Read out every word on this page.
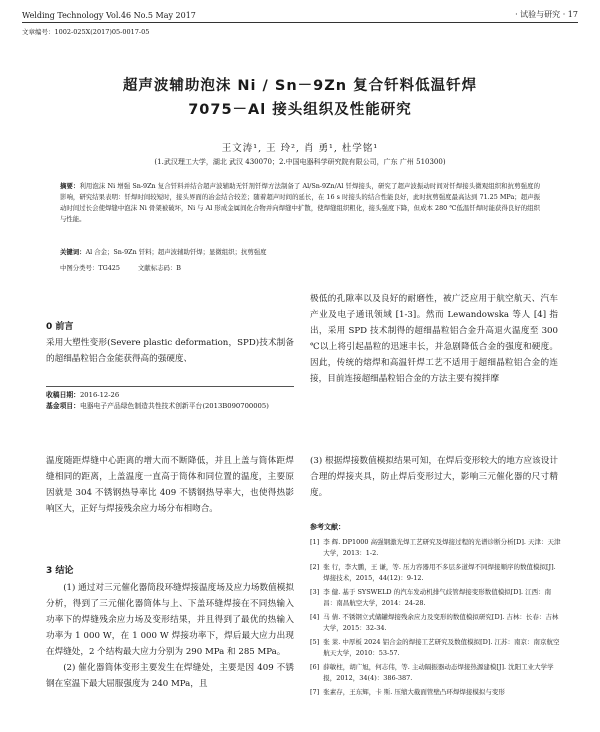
Welding Technology Vol.46 No.5 May 2017	· 试验与研究 · 17
文章编号：1002-025X(2017)05-0017-05
超声波辅助泡沫 Ni / Sn－9Zn 复合钎料低温钎焊
7075－Al 接头组织及性能研究
王文涛¹, 王 玲², 肖 勇¹, 杜学铭¹
(1.武汉理工大学，湖北 武汉 430070；2.中国电器科学研究院有限公司，广东 广州 510300)
摘要：利用泡沫 Ni 增强 Sn-9Zn 复合钎料并结合超声波辅助无钎剂钎焊方法制备了 Al/Sn-9Zn/Al 钎焊接头，研究了超声波振动时间对钎焊接头微观组织和抗剪强度的影响，研究结果表明：钎焊时间较短时，接头界面的冶金结合较差；随着超声时间的延长，在 16 s 时接头的结合性能良好，此时抗剪强度最高达到 71.25 MPa；超声振动时间过长会使焊缝中泡沫 Ni 骨架被破坏，Ni 与 Al 形成金属间化合物并向焊缝中扩散，使焊缝组织粗化，接头强度下降，但成本 280 ℃低温钎焊时能获得良好的组织与性能。
关键词：Al 合金；Sn-9Zn 钎料；超声波辅助钎焊；显微组织；抗剪强度
中图分类号：TG425	文献标志码：B
0 前言
采用大塑性变形(Severe plastic deformation，SPD)技术制备的超细晶粒铝合金能获得高的强硬度、
极低的孔隙率以及良好的耐磨性，被广泛应用于航空航天、汽车产业及电子通讯领域 [1-3]。然而 Lewandowska 等人 [4] 指出，采用 SPD 技术制得的超细晶粒铝合金升高退火温度至 300 ℃以上将引起晶粒的迅速丰长，并急剧降低合金的强度和硬度。因此，传统的熔焊和高温钎焊工艺不适用于超细晶粒铝合金的连接，目前连接超细晶粒铝合金的方法主要有搅拌摩
收稿日期：2016-12-26
基金项目：电器电子产品绿色制造共性技术创新平台(2013B090700005)
温度随距焊缝中心距离的增大而不断降低，并且上盖与筒体距焊缝相同的距离，上盖温度一直高于筒体和同位置的温度，主要原因就是 304 不锈钢热导率比 409 不锈钢热导率大，也使得热影响区大，正好与焊接残余应力场分布相吻合。
(3) 根据焊接数值模拟结果可知，在焊后变形较大的地方应该设计合理的焊接夹具，防止焊后变形过大，影响三元催化器的尺寸精度。
3 结论
(1) 通过对三元催化器筒段环缝焊接温度场及应力场数值模拟分析，得到了三元催化器筒体与上、下盖环缝焊接在不同热输入功率下的焊缝残余应力场及变形结果，并且得到了最优的热输入功率为 1 000 W，在 1 000 W 焊接功率下，焊后最大应力出现在焊缝处，2 个结构最大应力分别为 290 MPa 和 285 MPa。
(2) 催化器筒体变形主要发生在焊缝处，主要是因 409 不锈钢在室温下最大屈服强度为 240 MPa，且
参考文献：
[1] 李 辉. DP1000 高强钢激光焊工艺研究及焊接过程的光谱诊断分析[D]. 天津：天津大学，2013：1-2.
[2] 张 行，李大鹏，王 谦，等. 压力容器用不多层多道焊不同焊接顺序的数值模拟[J]. 焊接技术，2015，44(12)：9-12.
[3] 李 健. 基于 SYSWELD 的汽车发动机排气歧管焊接变形数值模拟[D]. 江西：南昌：南昌航空大学，2014：24-28.
[4] 马 倩. 不锈钢立式储罐焊接残余应力及变形的数值模拟研究[D]. 吉林：长春：吉林大学，2015：32-34.
[5] 张 莱. 中厚板 2024 铝合金的焊接工艺研究及数值模拟[D]. 江苏：南京：南京航空航天大学，2010：53-57.
[6] 薛敏柱，胡广旭，何志伟，等. 主动隔振器动态焊接热源建模[J]. 沈阳工业大学学报，2012，34(4)：386-387.
[7] 张素存，王东辉，卡 斯. 压缩大截面管壁凸环焊焊接模拟与变形
